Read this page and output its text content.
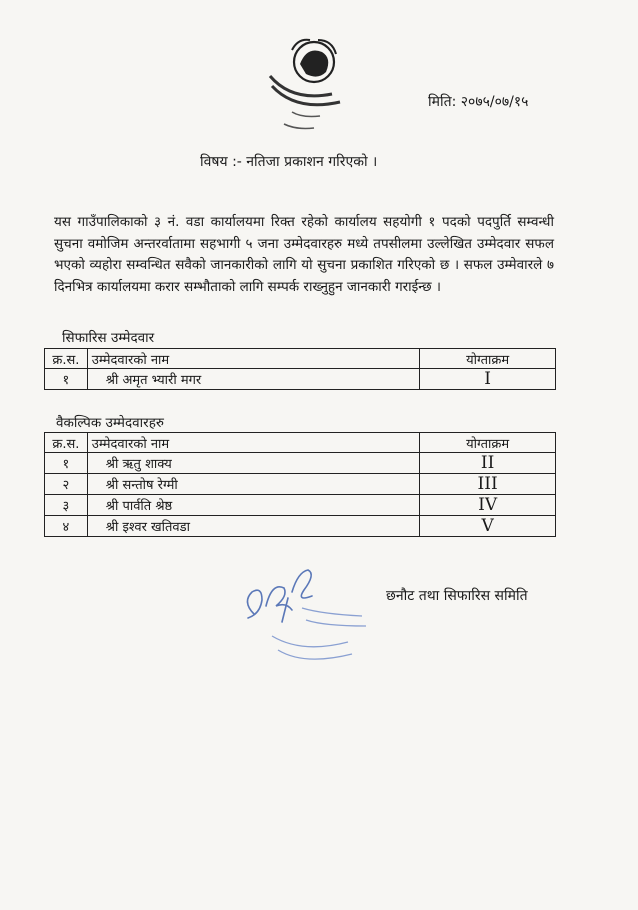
मिति: २०७५/०७/१५
विषय :- नतिजा प्रकाशन गरिएको ।
यस गाउँपालिकाको ३ नं. वडा कार्यालयमा रिक्त रहेको कार्यालय सहयोगी १ पदको पदपुर्ति सम्वन्धी सुचना वमोजिम अन्तरर्वातामा सहभागी ५ जना उम्मेदवारहरु मध्ये तपसीलमा उल्लेखित उम्मेदवार सफल भएको व्यहोरा सम्वन्धित सवैको जानकारीको लागि यो सुचना प्रकाशित गरिएको छ । सफल उम्मेवारले ७ दिनभित्र कार्यालयमा करार सम्भौताको लागि सम्पर्क राख्नुहुन जानकारी गराईन्छ ।
सिफारिस उम्मेदवार
क्र.स.	उम्मेदवारको नाम	योग्ताक्रम
१	श्री अमृत भ्यारी मगर	I
वैकल्पिक उम्मेदवारहरु
क्र.स.	उम्मेदवारको नाम	योग्ताक्रम
१	श्री ऋतु शाक्य	II
२	श्री सन्तोष रेग्मी	III
३	श्री पार्वति श्रेष्ठ	IV
४	श्री इश्वर खतिवडा	V
छनौट तथा सिफारिस समिति
